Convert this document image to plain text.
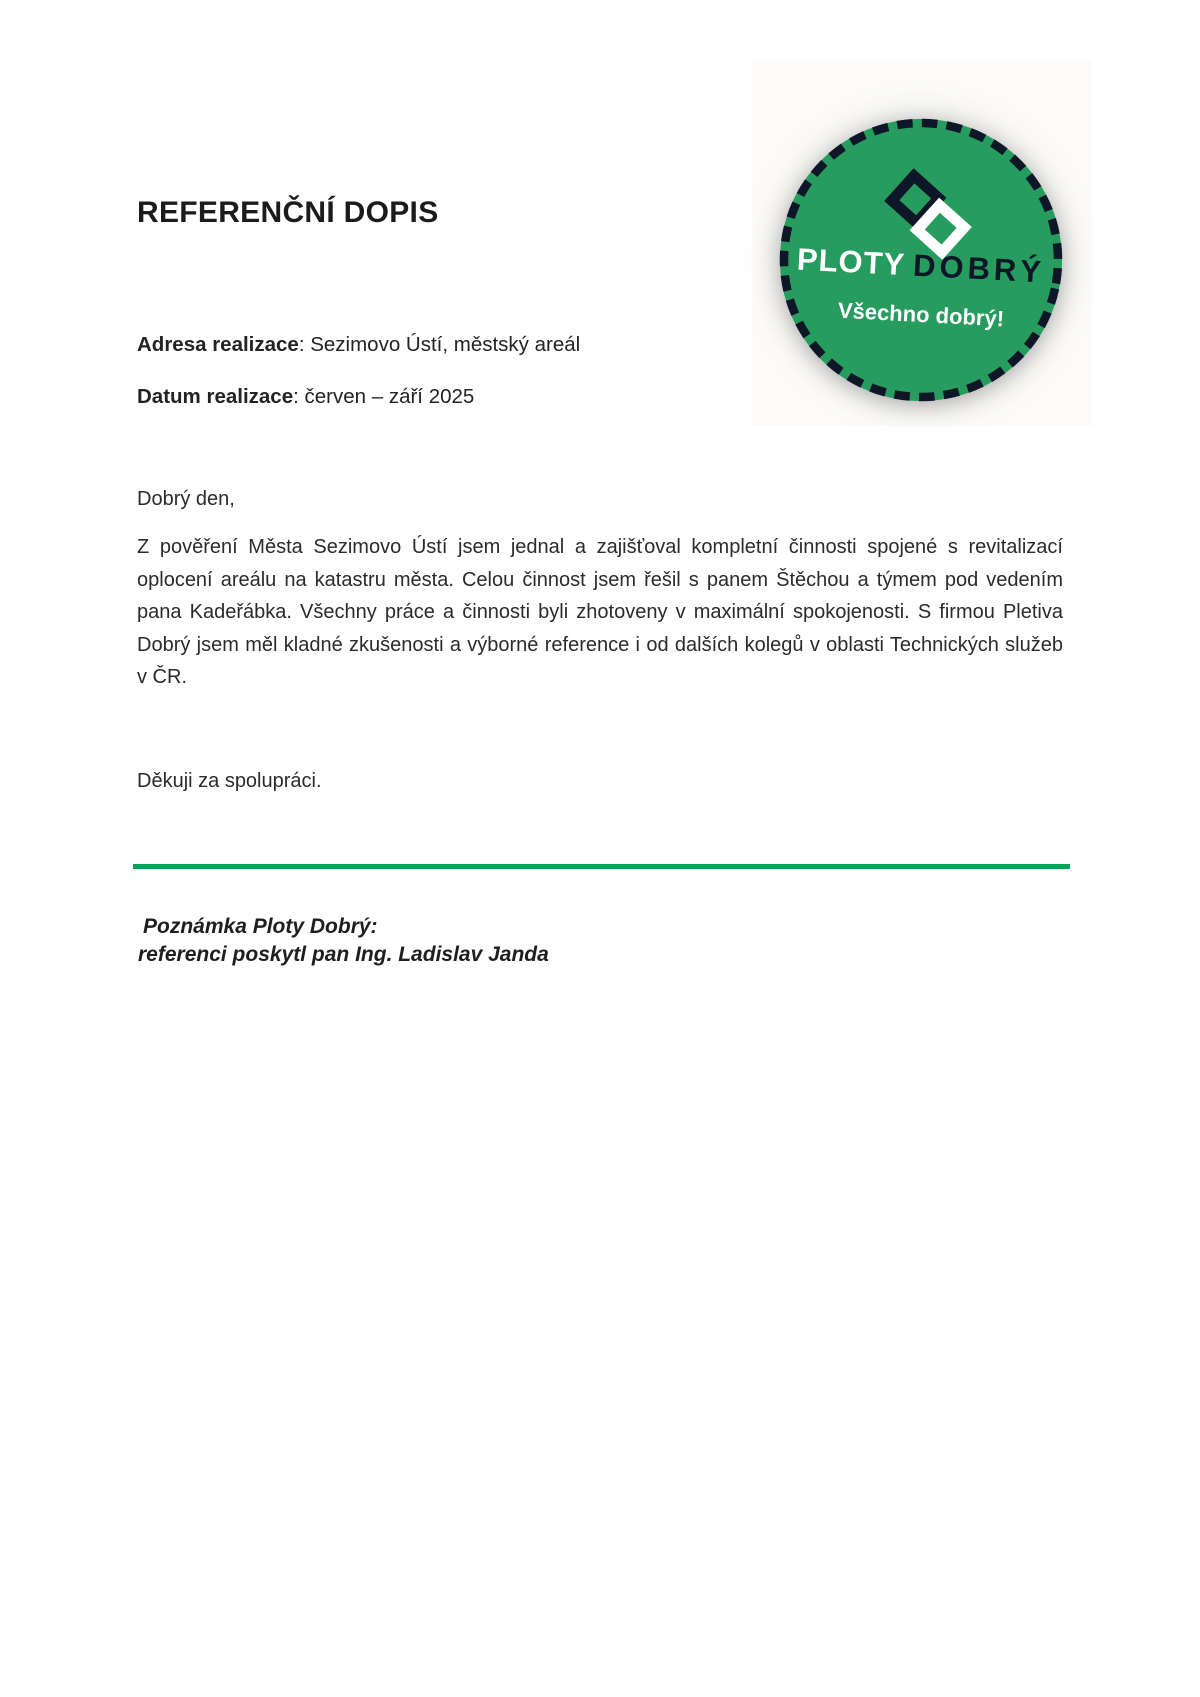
REFERENČNÍ DOPIS
PLOTY DOBRÝ
Všechno dobrý!
Adresa realizace: Sezimovo Ústí, městský areál
Datum realizace: červen – září 2025
Dobrý den,

Z pověření Města Sezimovo Ústí jsem jednal a zajišťoval kompletní činnosti spojené s revitalizací oplocení areálu na katastru města. Celou činnost jsem řešil s panem Štěchou a týmem pod vedením pana Kadeřábka. Všechny práce a činnosti byli zhotoveny v maximální spokojenosti. S firmou Pletiva Dobrý jsem měl kladné zkušenosti a výborné reference i od dalších kolegů v oblasti Technických služeb v ČR.

Děkuji za spolupráci.
Poznámka Ploty Dobrý:
referenci poskytl pan Ing. Ladislav Janda
